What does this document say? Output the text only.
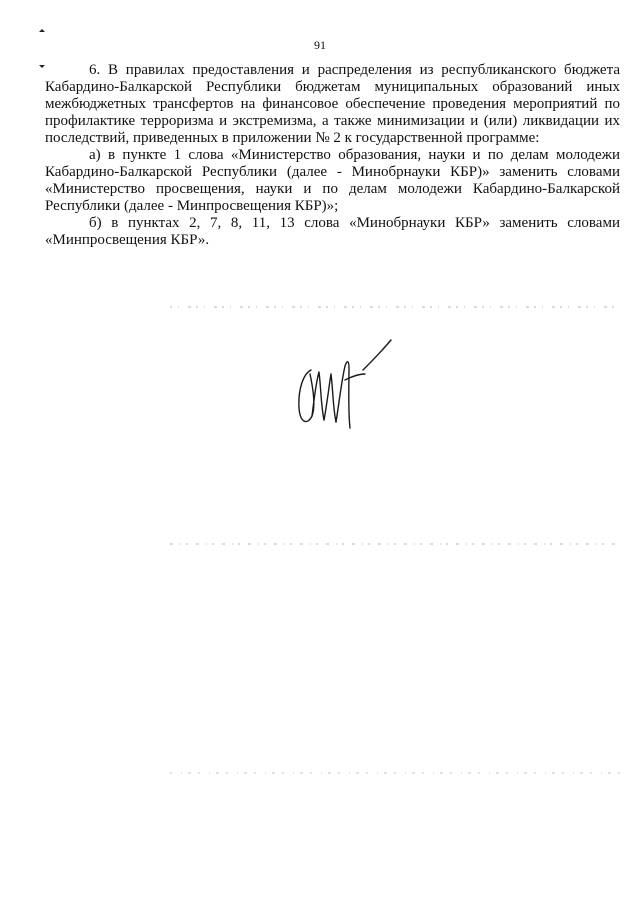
91

6. В правилах предоставления и распределения из республиканского бюджета Кабардино-Балкарской Республики бюджетам муниципальных образований иных межбюджетных трансфертов на финансовое обеспечение проведения мероприятий по профилактике терроризма и экстремизма, а также минимизации и (или) ликвидации их последствий, приведенных в приложении № 2 к государственной программе:

а) в пункте 1 слова «Министерство образования, науки и по делам молодежи Кабардино-Балкарской Республики (далее - Минобрнауки КБР)» заменить словами «Министерство просвещения, науки и по делам молодежи Кабардино-Балкарской Республики (далее - Минпросвещения КБР)»;

б) в пунктах 2, 7, 8, 11, 13 слова «Минобрнауки КБР» заменить словами «Минпросвещения КБР».
